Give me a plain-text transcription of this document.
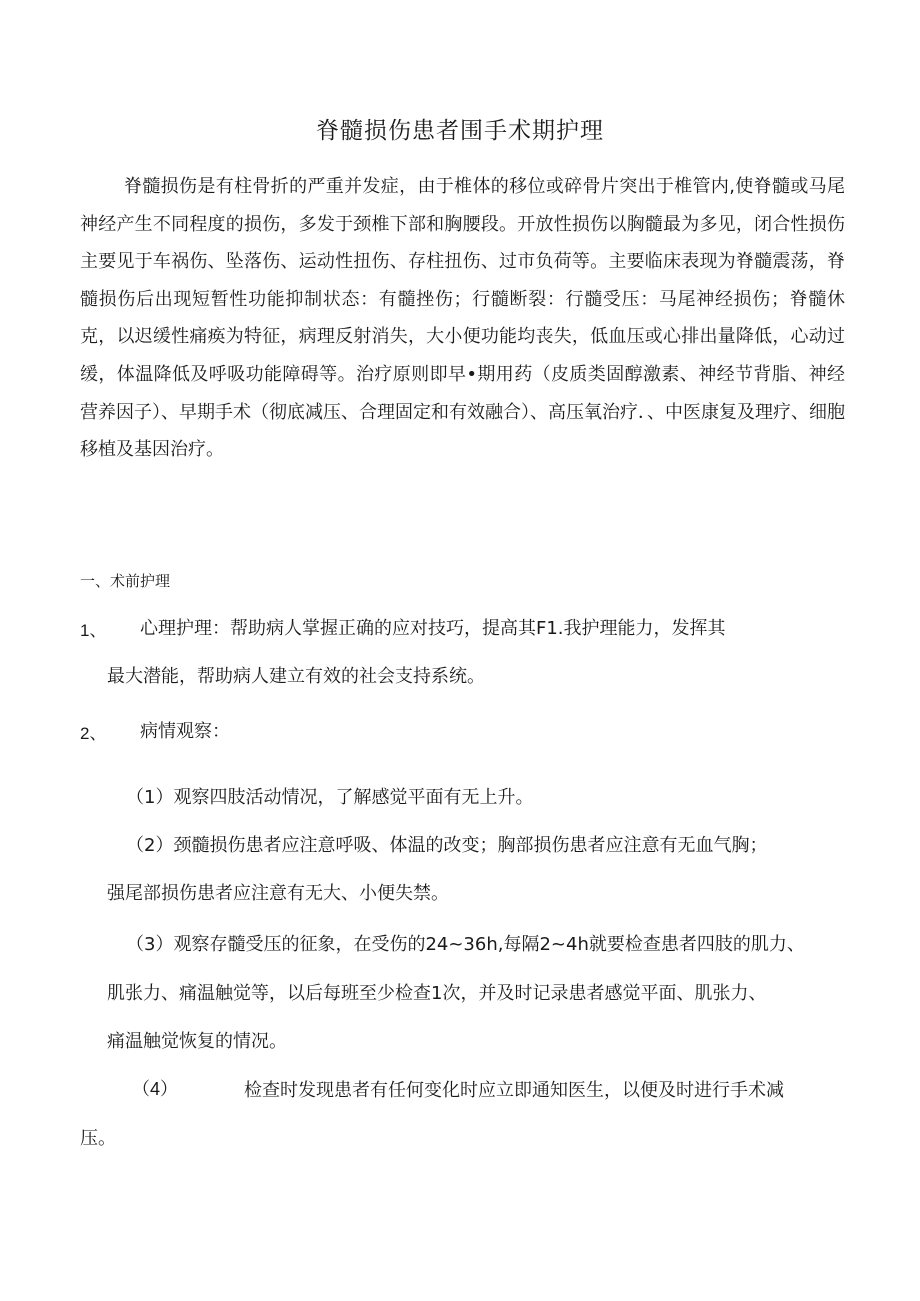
脊髓损伤患者围手术期护理

脊髓损伤是有柱骨折的严重并发症，由于椎体的移位或碎骨片突出于椎管内,使脊髓或马尾神经产生不同程度的损伤，多发于颈椎下部和胸腰段。开放性损伤以胸髓最为多见，闭合性损伤主要见于车祸伤、坠落伤、运动性扭伤、存柱扭伤、过市负荷等。主要临床表现为脊髓震荡，脊髓损伤后出现短暂性功能抑制状态：有髓挫伤；行髓断裂：行髓受压：马尾神经损伤；脊髓休克，以迟缓性痛痪为特征，病理反射消失，大小便功能均丧失，低血压或心排出量降低，心动过缓，体温降低及呼吸功能障碍等。治疗原则即早•期用药（皮质类固醇激素、神经节背脂、神经营养因子）、早期手术（彻底减压、合理固定和有效融合）、高压氧治疗．、中医康复及理疗、细胞移植及基因治疗。

一、术前护理
1、 心理护理：帮助病人掌握正确的应对技巧，提高其F1.我护理能力，发挥其
最大潜能，帮助病人建立有效的社会支持系统。
2、 病情观察：
（1）观察四肢活动情况，了解感觉平面有无上升。
（2）颈髓损伤患者应注意呼吸、体温的改变；胸部损伤患者应注意有无血气胸；
强尾部损伤患者应注意有无大、小便失禁。
（3）观察存髓受压的征象，在受伤的24~36h,每隔2~4h就要检查患者四肢的肌力、
肌张力、痛温触觉等，以后每班至少检查1次，并及时记录患者感觉平面、肌张力、
痛温触觉恢复的情况。
（4）	检查时发现患者有任何变化时应立即通知医生，以便及时进行手术减
压。
